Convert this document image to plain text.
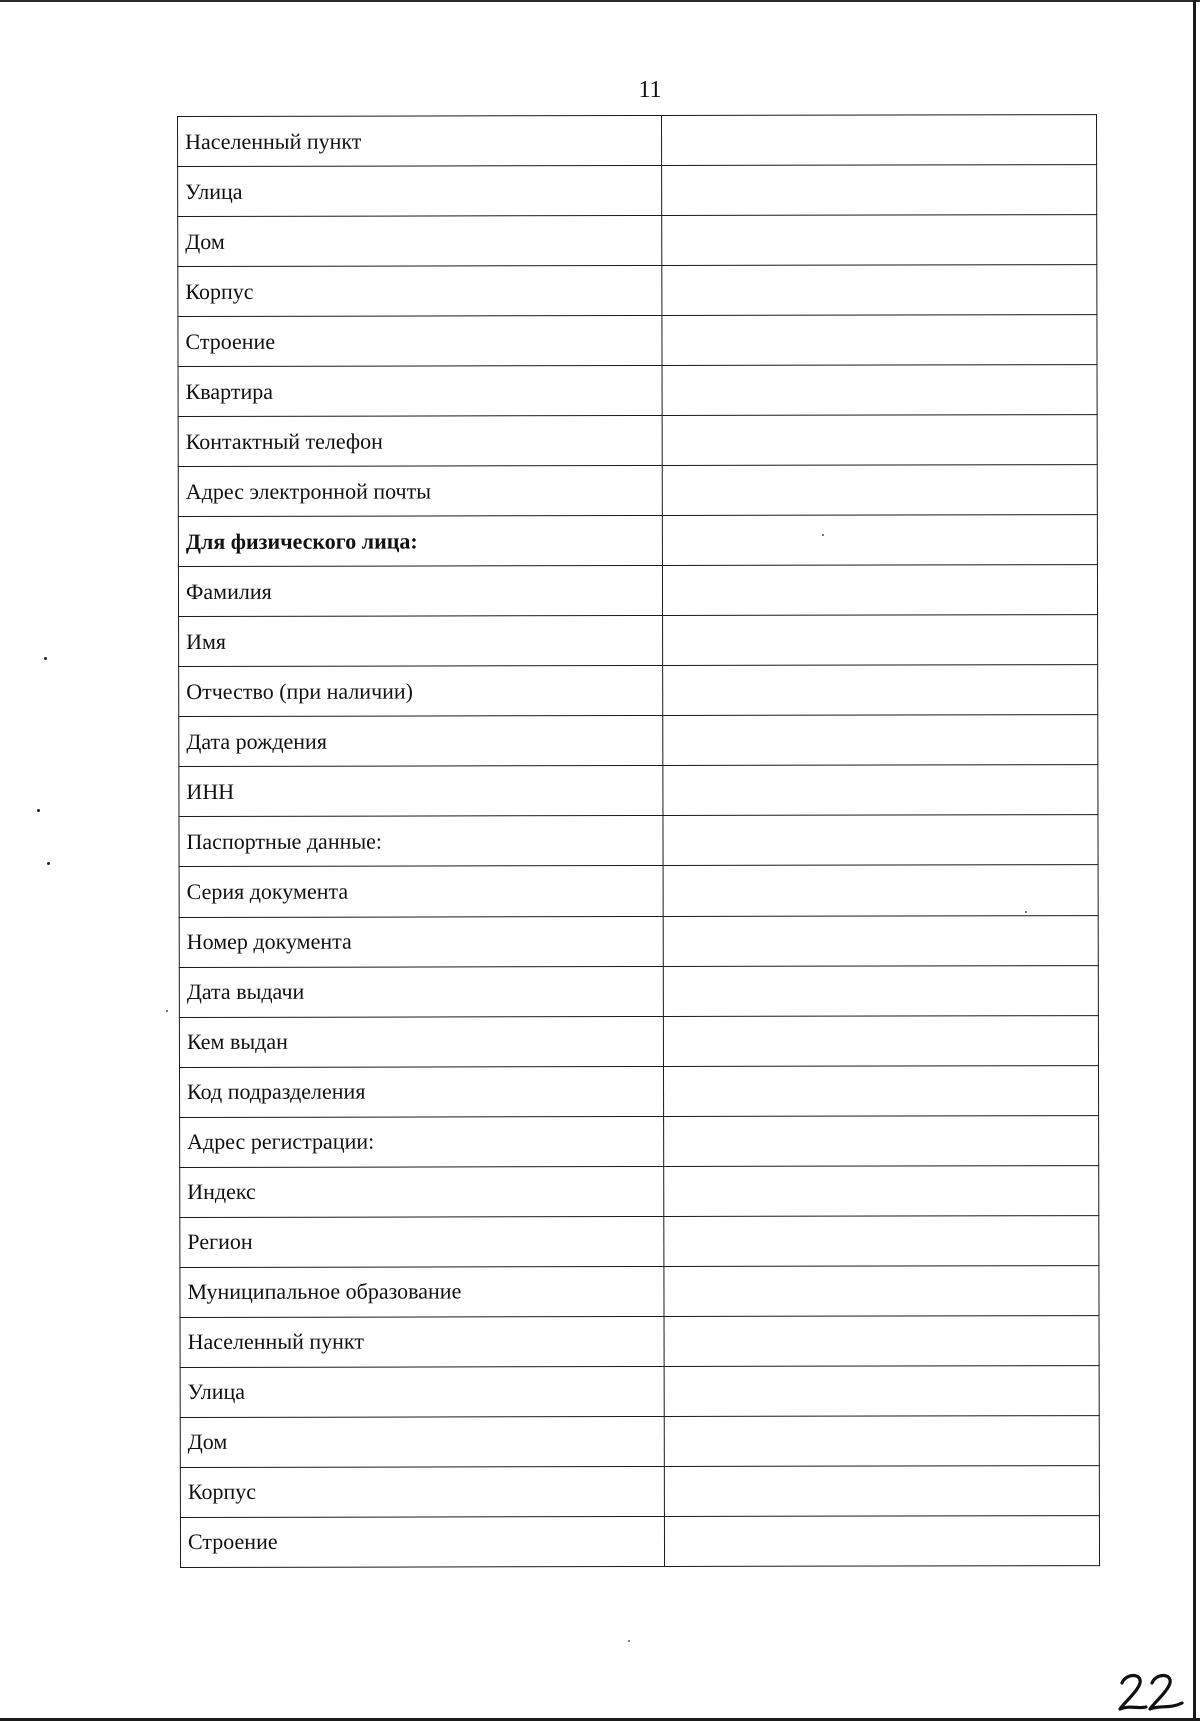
11
Населенный пункт	
Улица	
Дом	
Корпус	
Строение	
Квартира	
Контактный телефон	
Адрес электронной почты	
Для физического лица:	
Фамилия	
Имя	
Отчество (при наличии)	
Дата рождения	
ИНН	
Паспортные данные:	
Серия документа	
Номер документа	
Дата выдачи	
Кем выдан	
Код подразделения	
Адрес регистрации:	
Индекс	
Регион	
Муниципальное образование	
Населенный пункт	
Улица	
Дом	
Корпус	
Строение	
